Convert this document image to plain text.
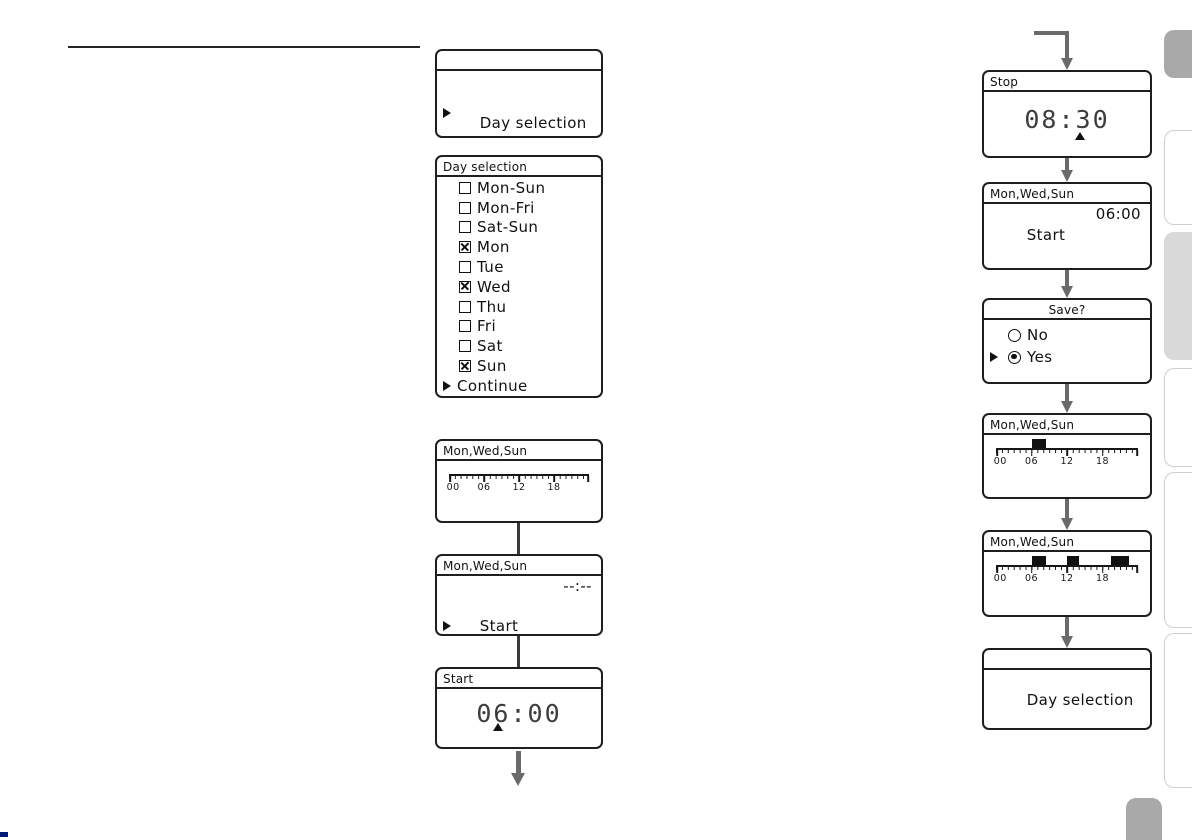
Day selection

Day selection
Mon-Sun
Mon-Fri
Sat-Sun
Mon
Tue
Wed
Thu
Fri
Sat
Sun
Continue
Mon,Wed,Sun
00 06 12 18

Mon,Wed,Sun

Start

--:--

Start
06:00
Stop
08:30
Mon,Wed,Sun

Start

06:00

Save?
No
Yes
Mon,Wed,Sun
00 06 12 18

Mon,Wed,Sun
00 06 12 18

Day selection
